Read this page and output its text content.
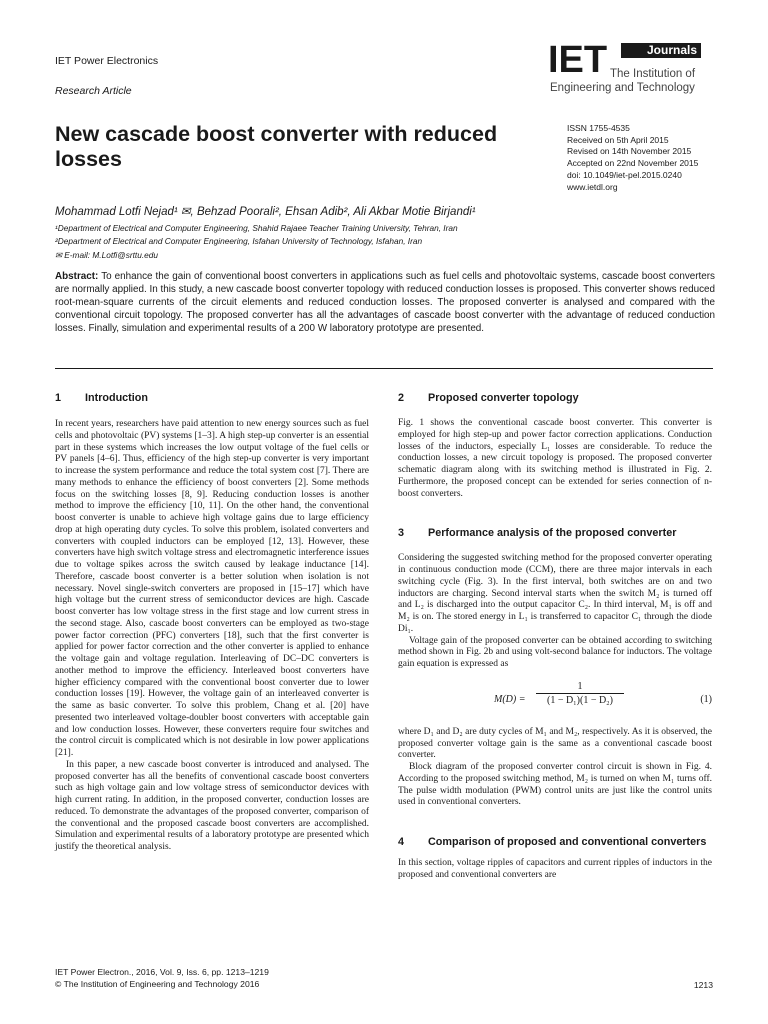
IET Power Electronics
Research Article
IET	Journals
The Institution of
Engineering and Technology
New cascade boost converter with reduced losses
ISSN 1755-4535
Received on 5th April 2015
Revised on 14th November 2015
Accepted on 22nd November 2015
doi: 10.1049/iet-pel.2015.0240
www.ietdl.org
Mohammad Lotfi Nejad¹ ✉, Behzad Poorali², Ehsan Adib², Ali Akbar Motie Birjandi¹
¹Department of Electrical and Computer Engineering, Shahid Rajaee Teacher Training University, Tehran, Iran
²Department of Electrical and Computer Engineering, Isfahan University of Technology, Isfahan, Iran
✉ E-mail: M.Lotfi@srttu.edu
Abstract: To enhance the gain of conventional boost converters in applications such as fuel cells and photovoltaic systems, cascade boost converters are normally applied. In this study, a new cascade boost converter topology with reduced conduction losses is proposed. This converter shows reduced root-mean-square currents of the circuit elements and reduced conduction losses. The proposed converter is analysed and compared with the conventional circuit topology. The proposed converter has all the advantages of cascade boost converter with the advantage of reduced conduction losses. Finally, simulation and experimental results of a 200 W laboratory prototype are presented.
1	Introduction

In recent years, researchers have paid attention to new energy sources such as fuel cells and photovoltaic (PV) systems [1–3]. A high step-up converter is an essential part in these systems which increases the low output voltage of the fuel cells or PV panels [4–6]. Thus, efficiency of the high step-up converter is very important to increase the system performance and reduce the total system cost [7]. There are many methods to enhance the efficiency of boost converters [2]. Some methods focus on the switching losses [8, 9]. Reducing conduction losses is another method to improve the efficiency [10, 11]. On the other hand, the conventional boost converter is unable to achieve high voltage gains due to large efficiency drop at high operating duty cycles. To solve this problem, isolated converters and converters with coupled inductors can be employed [12, 13]. However, these converters have high switch voltage stress and electromagnetic interference issues due to voltage spikes across the switch caused by leakage inductance [14]. Therefore, cascade boost converter is a better solution when isolation is not necessary. Novel single-switch converters are proposed in [15–17] which have high voltage but the current stress of semiconductor devices are high. Cascade boost converter has low voltage stress in the first stage and low current stress in the second stage. Also, cascade boost converters can be employed as two-stage power factor correction (PFC) converters [18], such that the first converter is applied for power factor correction and the other converter is applied to enhance the voltage gain and voltage regulation. Interleaving of DC–DC converters is another method to improve the efficiency. Interleaved boost converters have higher efficiency compared with the conventional boost converter due to lower conduction losses [19]. However, the voltage gain of an interleaved converter is the same as basic converter. To solve this problem, Chang et al. [20] have presented two interleaved voltage-doubler boost converters with acceptable gain and low conduction losses. However, these converters require four switches and the control circuit is complicated which is not desirable in low power applications [21].

In this paper, a new cascade boost converter is introduced and analysed. The proposed converter has all the benefits of conventional cascade boost converters such as high voltage gain and low voltage stress of semiconductor devices with high current rating. In addition, in the proposed converter, conduction losses are reduced. To demonstrate the advantages of the proposed converter, comparison of the conventional and the proposed cascade boost converters are accomplished. Simulation and experimental results of a laboratory prototype are presented which justify the theoretical analysis.

2	Proposed converter topology

Fig. 1 shows the conventional cascade boost converter. This converter is employed for high step-up and power factor correction applications. Conduction losses of the inductors, especially L₁ losses are considerable. To reduce the conduction losses, a new circuit topology is proposed. The proposed converter schematic diagram along with its switching method is illustrated in Fig. 2. Furthermore, the proposed concept can be extended for series connection of n-boost converters.

3	Performance analysis of the proposed converter

Considering the suggested switching method for the proposed converter operating in continuous conduction mode (CCM), there are three major intervals in each switching cycle (Fig. 3). In the first interval, both switches are on and two inductors are charging. Second interval starts when the switch M₂ is turned off and L₂ is discharged into the output capacitor C₂. In third interval, M₁ is off and M₂ is on. The stored energy in L₁ is transferred to capacitor C₁ through the diode Di₁.

Voltage gain of the proposed converter can be obtained according to switching method shown in Fig. 2b and using volt-second balance for inductors. The voltage gain equation is expressed as

$M(D) = \frac{1}{\text{(1 − D₁)(1 − D₂)}}$	(1)

where D₁ and D₂ are duty cycles of M₁ and M₂, respectively. As it is observed, the proposed converter voltage gain is the same as a conventional cascade boost converter.

Block diagram of the proposed converter control circuit is shown in Fig. 4. According to the proposed switching method, M₂ is turned on when M₁ turns off. The pulse width modulation (PWM) control units are just like the control units used in conventional converters.

4	Comparison of proposed and conventional converters

In this section, voltage ripples of capacitors and current ripples of inductors in the proposed and conventional converters are

IET Power Electron., 2016, Vol. 9, Iss. 6, pp. 1213–1219
© The Institution of Engineering and Technology 2016	1213
